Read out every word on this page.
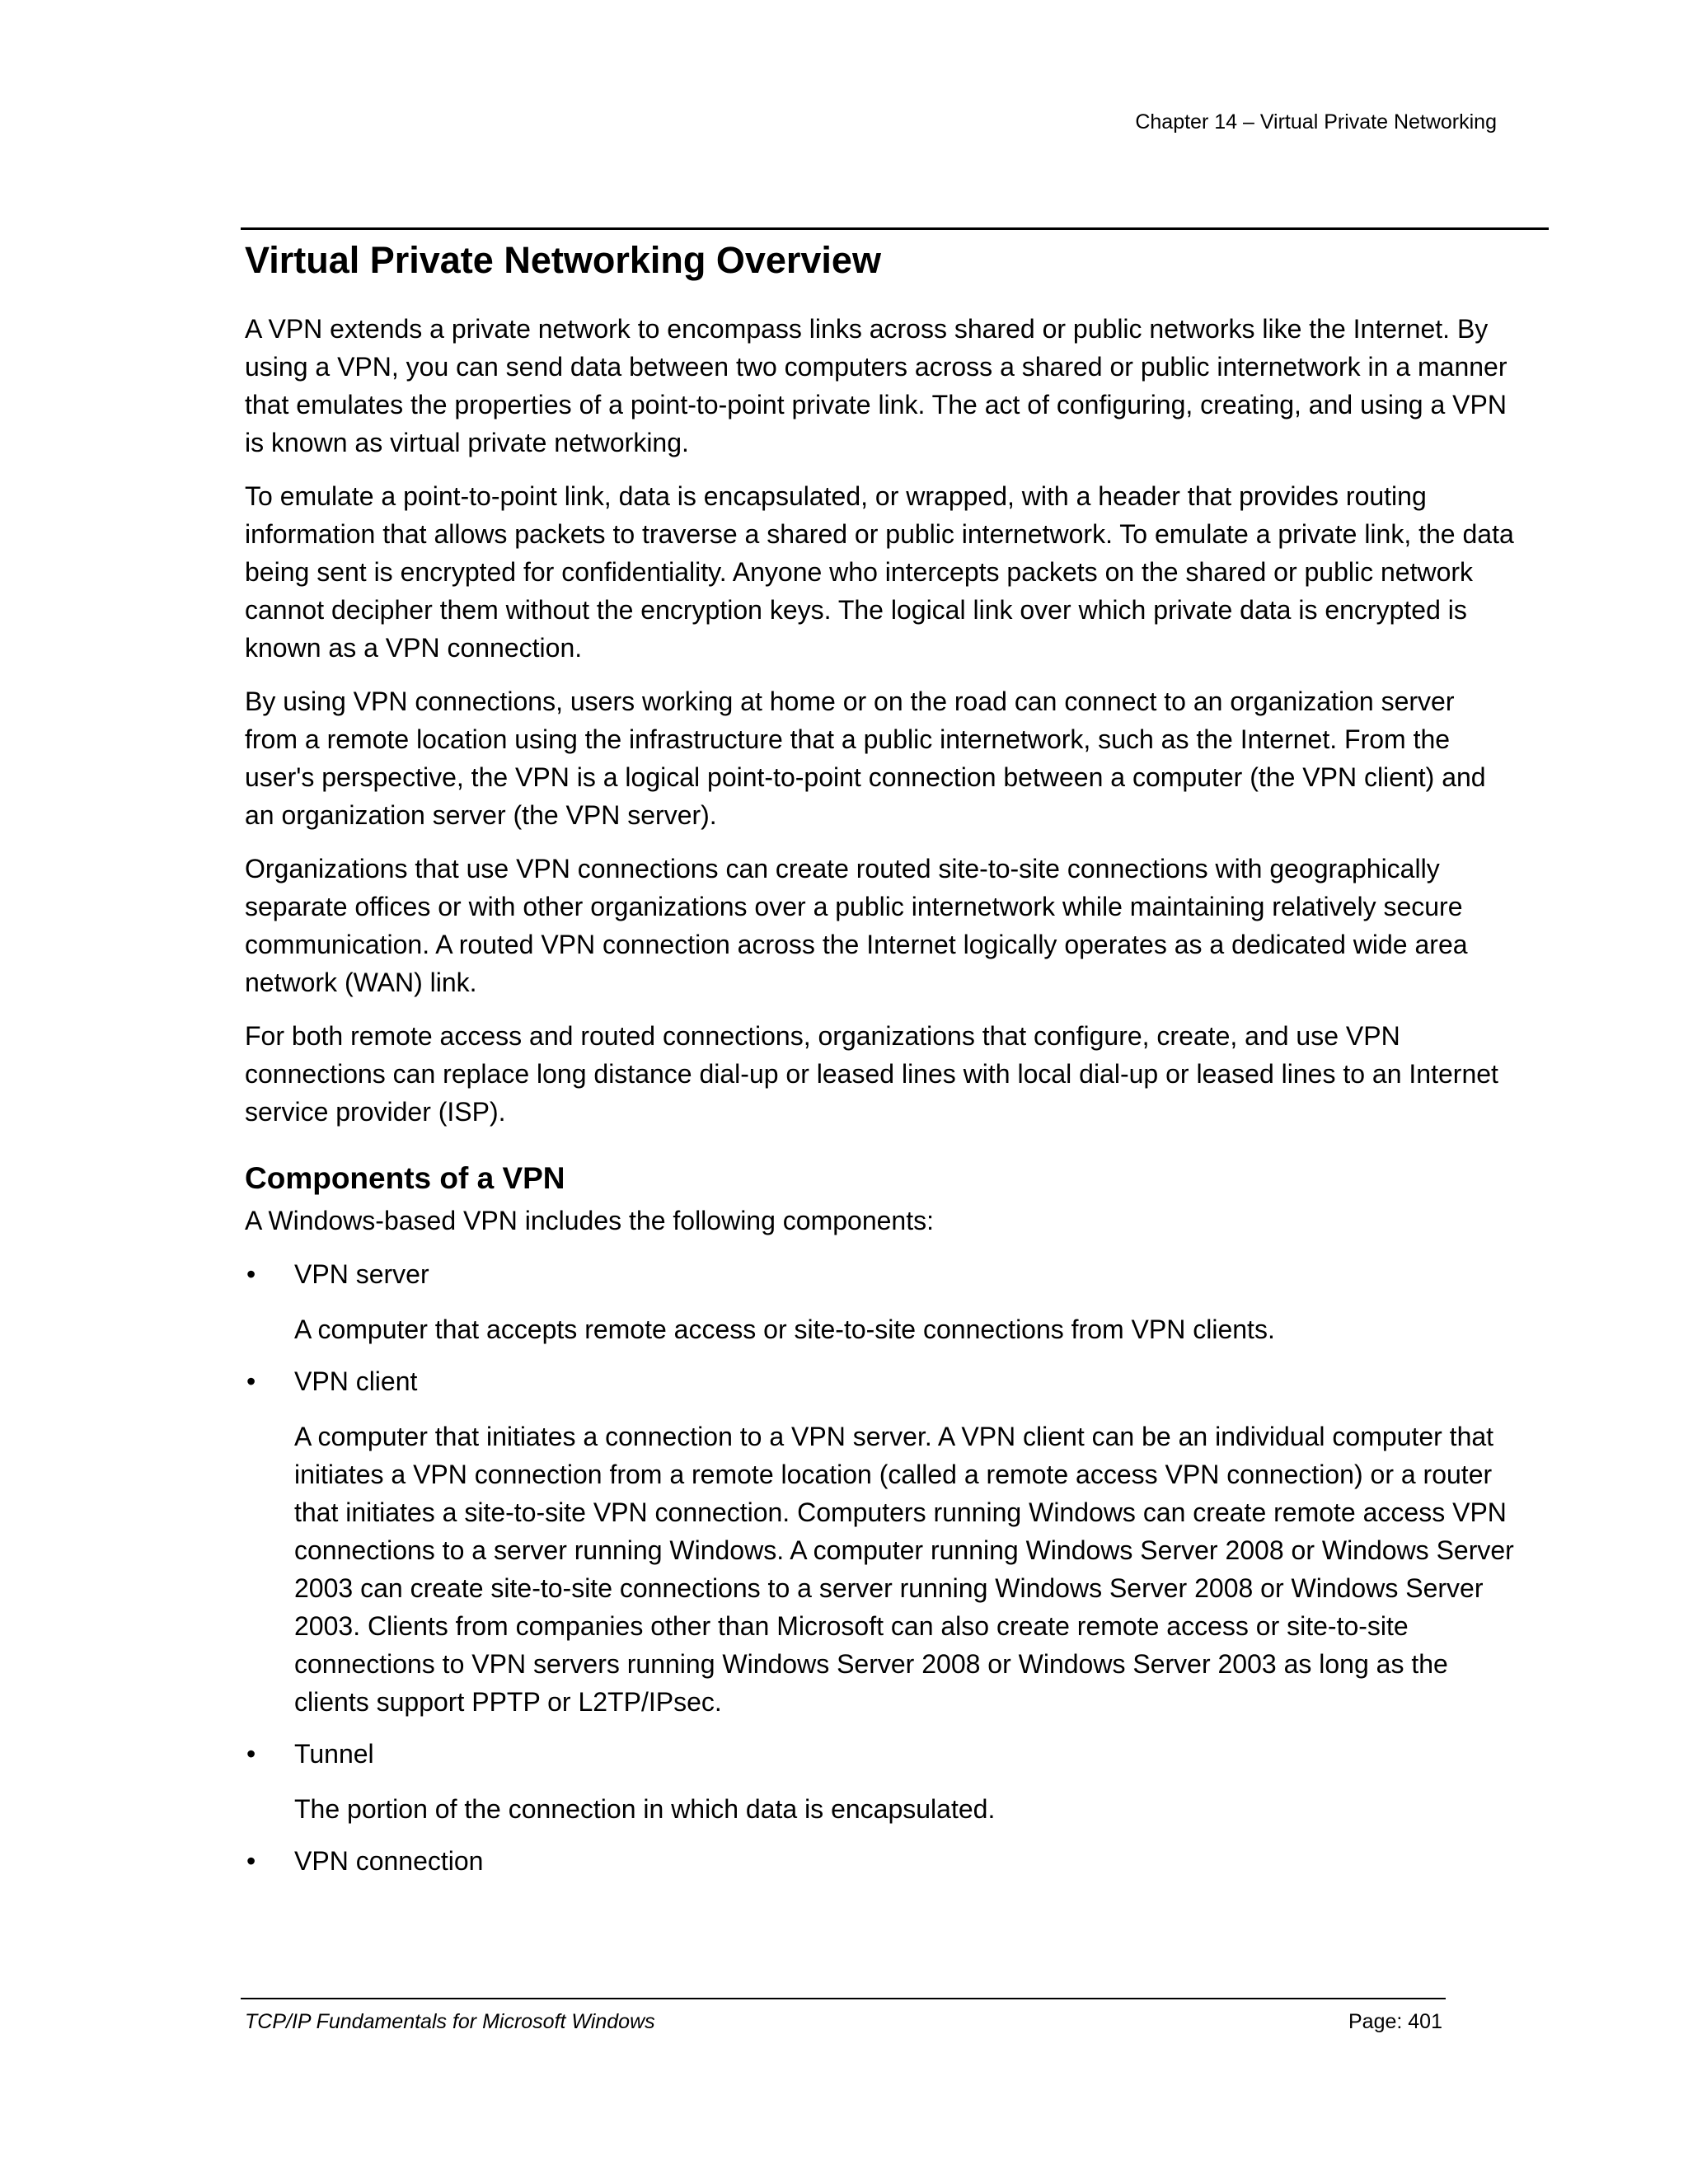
Chapter 14 – Virtual Private Networking
Virtual Private Networking Overview

A VPN extends a private network to encompass links across shared or public networks like the Internet. By using a VPN, you can send data between two computers across a shared or public internetwork in a manner that emulates the properties of a point-to-point private link. The act of configuring, creating, and using a VPN is known as virtual private networking.

To emulate a point-to-point link, data is encapsulated, or wrapped, with a header that provides routing information that allows packets to traverse a shared or public internetwork. To emulate a private link, the data being sent is encrypted for confidentiality. Anyone who intercepts packets on the shared or public network cannot decipher them without the encryption keys. The logical link over which private data is encrypted is known as a VPN connection.

By using VPN connections, users working at home or on the road can connect to an organization server from a remote location using the infrastructure that a public internetwork, such as the Internet. From the user's perspective, the VPN is a logical point-to-point connection between a computer (the VPN client) and an organization server (the VPN server).

Organizations that use VPN connections can create routed site-to-site connections with geographically separate offices or with other organizations over a public internetwork while maintaining relatively secure communication. A routed VPN connection across the Internet logically operates as a dedicated wide area network (WAN) link.

For both remote access and routed connections, organizations that configure, create, and use VPN connections can replace long distance dial-up or leased lines with local dial-up or leased lines to an Internet service provider (ISP).

Components of a VPN

A Windows-based VPN includes the following components:

• VPN server
A computer that accepts remote access or site-to-site connections from VPN clients.
• VPN client
A computer that initiates a connection to a VPN server. A VPN client can be an individual computer that initiates a VPN connection from a remote location (called a remote access VPN connection) or a router that initiates a site-to-site VPN connection. Computers running Windows can create remote access VPN connections to a server running Windows. A computer running Windows Server 2008 or Windows Server 2003 can create site-to-site connections to a server running Windows Server 2008 or Windows Server 2003. Clients from companies other than Microsoft can also create remote access or site-to-site connections to VPN servers running Windows Server 2008 or Windows Server 2003 as long as the clients support PPTP or L2TP/IPsec.
• Tunnel
The portion of the connection in which data is encapsulated.
• VPN connection
TCP/IP Fundamentals for Microsoft Windows	Page: 401
